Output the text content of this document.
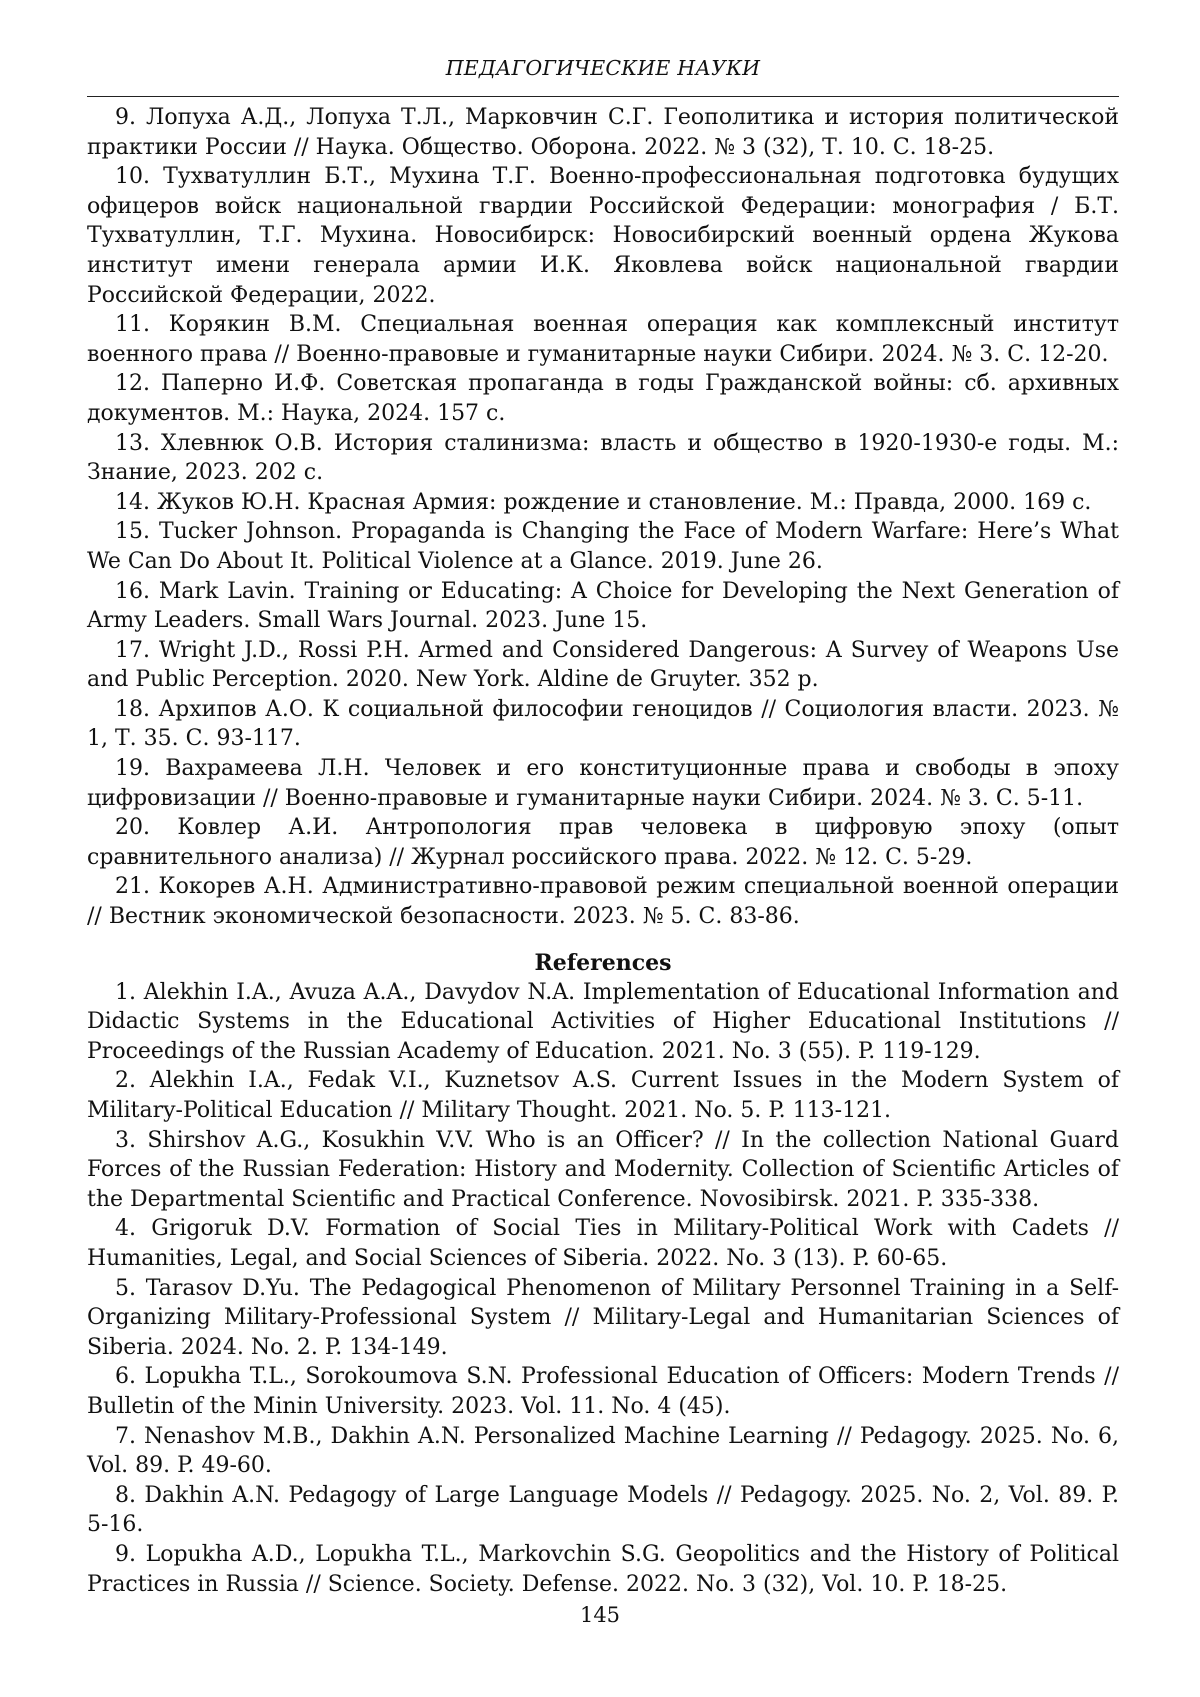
ПЕДАГОГИЧЕСКИЕ НАУКИ

9. Лопуха А.Д., Лопуха Т.Л., Марковчин С.Г. Геополитика и история политической практики России // Наука. Общество. Оборона. 2022. № 3 (32), Т. 10. С. 18-25.

10. Тухватуллин Б.Т., Мухина Т.Г. Военно-профессиональная подготовка будущих офицеров войск национальной гвардии Российской Федерации: монография / Б.Т. Тухватуллин, Т.Г. Мухина. Новосибирск: Новосибирский военный ордена Жукова институт имени генерала армии И.К. Яковлева войск национальной гвардии Российской Федерации, 2022.

11. Корякин В.М. Специальная военная операция как комплексный институт военного права // Военно-правовые и гуманитарные науки Сибири. 2024. № 3. С. 12-20.

12. Паперно И.Ф. Советская пропаганда в годы Гражданской войны: сб. архивных документов. М.: Наука, 2024. 157 с.

13. Хлевнюк О.В. История сталинизма: власть и общество в 1920-1930-е годы. М.: Знание, 2023. 202 с.

14. Жуков Ю.Н. Красная Армия: рождение и становление. М.: Правда, 2000. 169 с.

15. Tucker Johnson. Propaganda is Changing the Face of Modern Warfare: Here’s What We Can Do About It. Political Violence at a Glance. 2019. June 26.

16. Mark Lavin. Training or Educating: A Choice for Developing the Next Generation of Army Leaders. Small Wars Journal. 2023. June 15.

17. Wright J.D., Rossi P.H. Armed and Considered Dangerous: A Survey of Weapons Use and Public Perception. 2020. New York. Aldine de Gruyter. 352 p.

18. Архипов А.О. К социальной философии геноцидов // Социология власти. 2023. № 1, Т. 35. С. 93-117.

19. Вахрамеева Л.Н. Человек и его конституционные права и свободы в эпоху цифровизации // Военно-правовые и гуманитарные науки Сибири. 2024. № 3. С. 5-11.

20. Ковлер А.И. Антропология прав человека в цифровую эпоху (опыт сравнительного анализа) // Журнал российского права. 2022. № 12. С. 5-29.

21. Кокорев А.Н. Административно-правовой режим специальной военной операции // Вестник экономической безопасности. 2023. № 5. С. 83-86.

References

1. Alekhin I.A., Avuza A.A., Davydov N.A. Implementation of Educational Information and Didactic Systems in the Educational Activities of Higher Educational Institutions // Proceedings of the Russian Academy of Education. 2021. No. 3 (55). P. 119-129.

2. Alekhin I.A., Fedak V.I., Kuznetsov A.S. Current Issues in the Modern System of Military-Political Education // Military Thought. 2021. No. 5. P. 113-121.

3. Shirshov A.G., Kosukhin V.V. Who is an Officer? // In the collection National Guard Forces of the Russian Federation: History and Modernity. Collection of Scientific Articles of the Departmental Scientific and Practical Conference. Novosibirsk. 2021. P. 335-338.

4. Grigoruk D.V. Formation of Social Ties in Military-Political Work with Cadets // Humanities, Legal, and Social Sciences of Siberia. 2022. No. 3 (13). P. 60-65.

5. Tarasov D.Yu. The Pedagogical Phenomenon of Military Personnel Training in a Self-Organizing Military-Professional System // Military-Legal and Humanitarian Sciences of Siberia. 2024. No. 2. P. 134-149.

6. Lopukha T.L., Sorokoumova S.N. Professional Education of Officers: Modern Trends // Bulletin of the Minin University. 2023. Vol. 11. No. 4 (45).

7. Nenashov M.B., Dakhin A.N. Personalized Machine Learning // Pedagogy. 2025. No. 6, Vol. 89. P. 49-60.

8. Dakhin A.N. Pedagogy of Large Language Models // Pedagogy. 2025. No. 2, Vol. 89. P. 5-16.

9. Lopukha A.D., Lopukha T.L., Markovchin S.G. Geopolitics and the History of Political Practices in Russia // Science. Society. Defense. 2022. No. 3 (32), Vol. 10. P. 18-25.

145
